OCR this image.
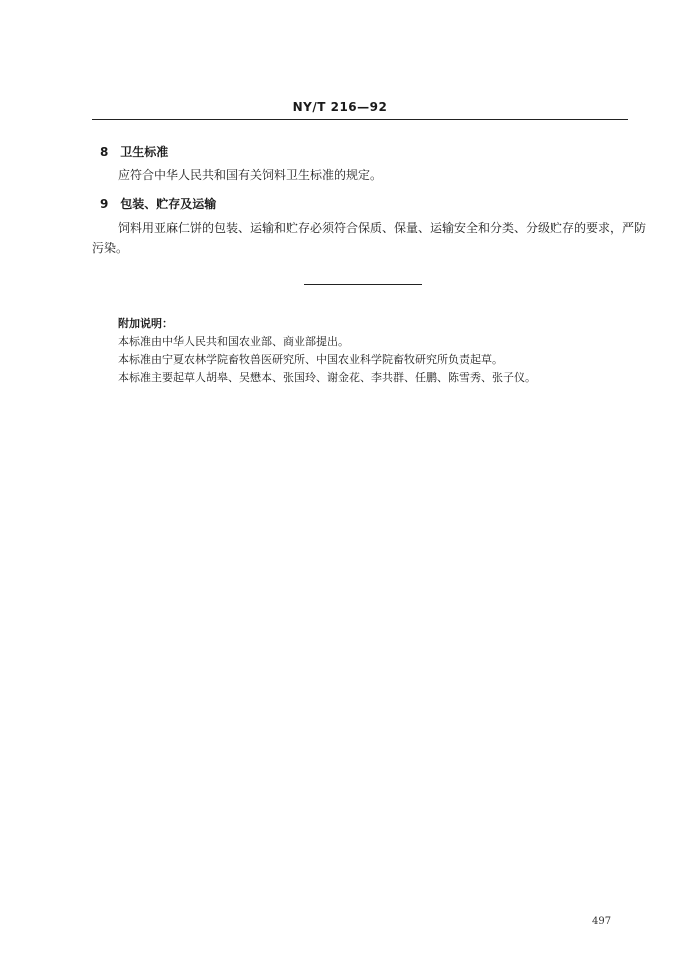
NY/T 216—92
8 卫生标准
应符合中华人民共和国有关饲料卫生标准的规定。
9 包装、贮存及运输
饲料用亚麻仁饼的包装、运输和贮存必须符合保质、保量、运输安全和分类、分级贮存的要求，严防
污染。
附加说明：
本标准由中华人民共和国农业部、商业部提出。
本标准由宁夏农林学院畜牧兽医研究所、中国农业科学院畜牧研究所负责起草。
本标准主要起草人胡皋、吴懋本、张国玲、谢金花、李共群、任鹏、陈雪秀、张子仪。
497
